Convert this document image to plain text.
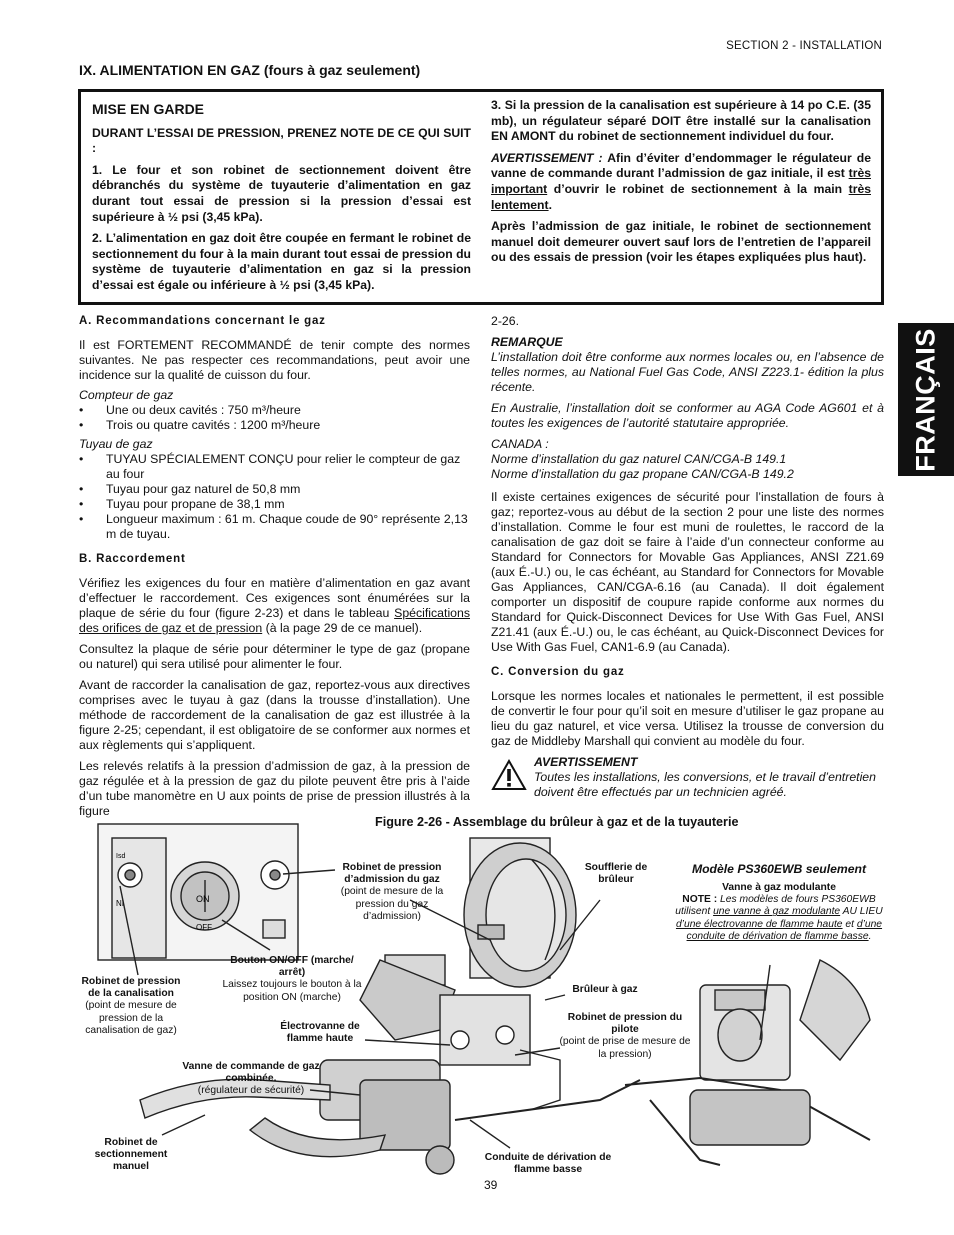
SECTION 2 - INSTALLATION
IX. ALIMENTATION EN GAZ (fours à gaz seulement)
FRANÇAIS

MISE EN GARDE

DURANT L’ESSAI DE PRESSION, PRENEZ NOTE DE CE QUI SUIT :

1. Le four et son robinet de sectionnement doivent être débranchés du système de tuyauterie d’alimentation en gaz durant tout essai de pression si la pression d’essai est supérieure à ½ psi (3,45 kPa).

2. L’alimentation en gaz doit être coupée en fermant le robinet de sectionnement du four à la main durant tout essai de pression du système de tuyauterie d’alimentation en gaz si la pression d’essai est égale ou inférieure à ½ psi (3,45 kPa).

3. Si la pression de la canalisation est supérieure à 14 po C.E. (35 mb), un régulateur séparé DOIT être installé sur la canalisation EN AMONT du robinet de sectionnement individuel du four.

AVERTISSEMENT : Afin d’éviter d’endommager le régulateur de vanne de commande durant l’admission de gaz initiale, il est très important d’ouvrir le robinet de sectionnement à la main très lentement.

Après l’admission de gaz initiale, le robinet de sectionnement manuel doit demeurer ouvert sauf lors de l’entretien de l’appareil ou des essais de pression (voir les étapes expliquées plus haut).

A. Recommandations concernant le gaz

Il est FORTEMENT RECOMMANDÉ de tenir compte des normes suivantes. Ne pas respecter ces recommandations, peut avoir une incidence sur la qualité de cuisson du four.

Compteur de gaz

• Une ou deux cavités : 750 m³/heure
• Trois ou quatre cavités : 1200 m³/heure

Tuyau de gaz

• TUYAU SPÉCIALEMENT CONÇU pour relier le compteur de gaz au four
• Tuyau pour gaz naturel de 50,8 mm
• Tuyau pour propane de 38,1 mm
• Longueur maximum : 61 m. Chaque coude de 90° représente 2,13 m de tuyau.

B. Raccordement

Vérifiez les exigences du four en matière d’alimentation en gaz avant d’effectuer le raccordement. Ces exigences sont énumérées sur la plaque de série du four (figure 2-23) et dans le tableau Spécifications des orifices de gaz et de pression (à la page 29 de ce manuel).

Consultez la plaque de série pour déterminer le type de gaz (propane ou naturel) qui sera utilisé pour alimenter le four.

Avant de raccorder la canalisation de gaz, reportez-vous aux directives comprises avec le tuyau à gaz (dans la trousse d’installation). Une méthode de raccordement de la canalisation de gaz est illustrée à la figure 2-25; cependant, il est obligatoire de se conformer aux normes et aux règlements qui s’appliquent.

Les relevés relatifs à la pression d’admission de gaz, à la pression de gaz régulée et à la pression de gaz du pilote peuvent être pris à l’aide d’un tube manomètre en U aux points de prise de pression illustrés à la figure

2-26.

REMARQUE

L’installation doit être conforme aux normes locales ou, en l’absence de telles normes, au National Fuel Gas Code, ANSI Z223.1- édition la plus récente.

En Australie, l’installation doit se conformer au AGA Code AG601 et à toutes les exigences de l’autorité statutaire appropriée.

CANADA :

Norme d’installation du gaz naturel CAN/CGA-B 149.1

Norme d’installation du gaz propane CAN/CGA-B 149.2

Il existe certaines exigences de sécurité pour l’installation de fours à gaz; reportez-vous au début de la section 2 pour une liste des normes d’installation. Comme le four est muni de roulettes, le raccord de la canalisation de gaz doit se faire à l’aide d’un connecteur conforme au Standard for Connectors for Movable Gas Appliances, ANSI Z21.69 (aux É.-U.) ou, le cas échéant, au Standard for Connectors for Movable Gas Appliances, CAN/CGA-6.16 (au Canada). Il doit également comporter un dispositif de coupure rapide conforme aux normes du Standard for Quick-Disconnect Devices for Use With Gas Fuel, ANSI Z21.41 (aux É.-U.) ou, le cas échéant, au Quick-Disconnect Devices for Use With Gas Fuel, CAN1-6.9 (au Canada).

C. Conversion du gaz

Lorsque les normes locales et nationales le permettent, il est possible de convertir le four pour qu’il soit en mesure d’utiliser le gaz propane au lieu du gaz naturel, et vice versa. Utilisez la trousse de conversion du gaz de Middleby Marshall qui convient au modèle du four.

AVERTISSEMENT

Toutes les installations, les conversions, et le travail d’entretien doivent être effectués par un technicien agréé.

Figure 2-26 - Assemblage du brûleur à gaz et de la tuyauterie
ON
OFF
NI
Isd
Robinet de pression d’admission du gaz
(point de mesure de la pression du gaz d’admission)
Soufflerie de brûleur
Modèle PS360EWB seulement
Vanne à gaz modulante
NOTE : Les modèles de fours PS360EWB utilisent une vanne à gaz modulante AU LIEU d’une électrovanne de flamme haute et d’une conduite de dérivation de flamme basse.
Bouton ON/OFF (marche/ arrêt)
Laissez toujours le bouton à la position ON (marche)
Robinet de pression de la canalisation (point de mesure de pression de la canalisation de gaz)
Brûleur à gaz
Robinet de pression du pilote
(point de prise de mesure de la pression)
Électrovanne de flamme haute
Vanne de commande de gaz combinée.
(régulateur de sécurité)
Robinet de sectionnement manuel
Conduite de dérivation de flamme basse
39
